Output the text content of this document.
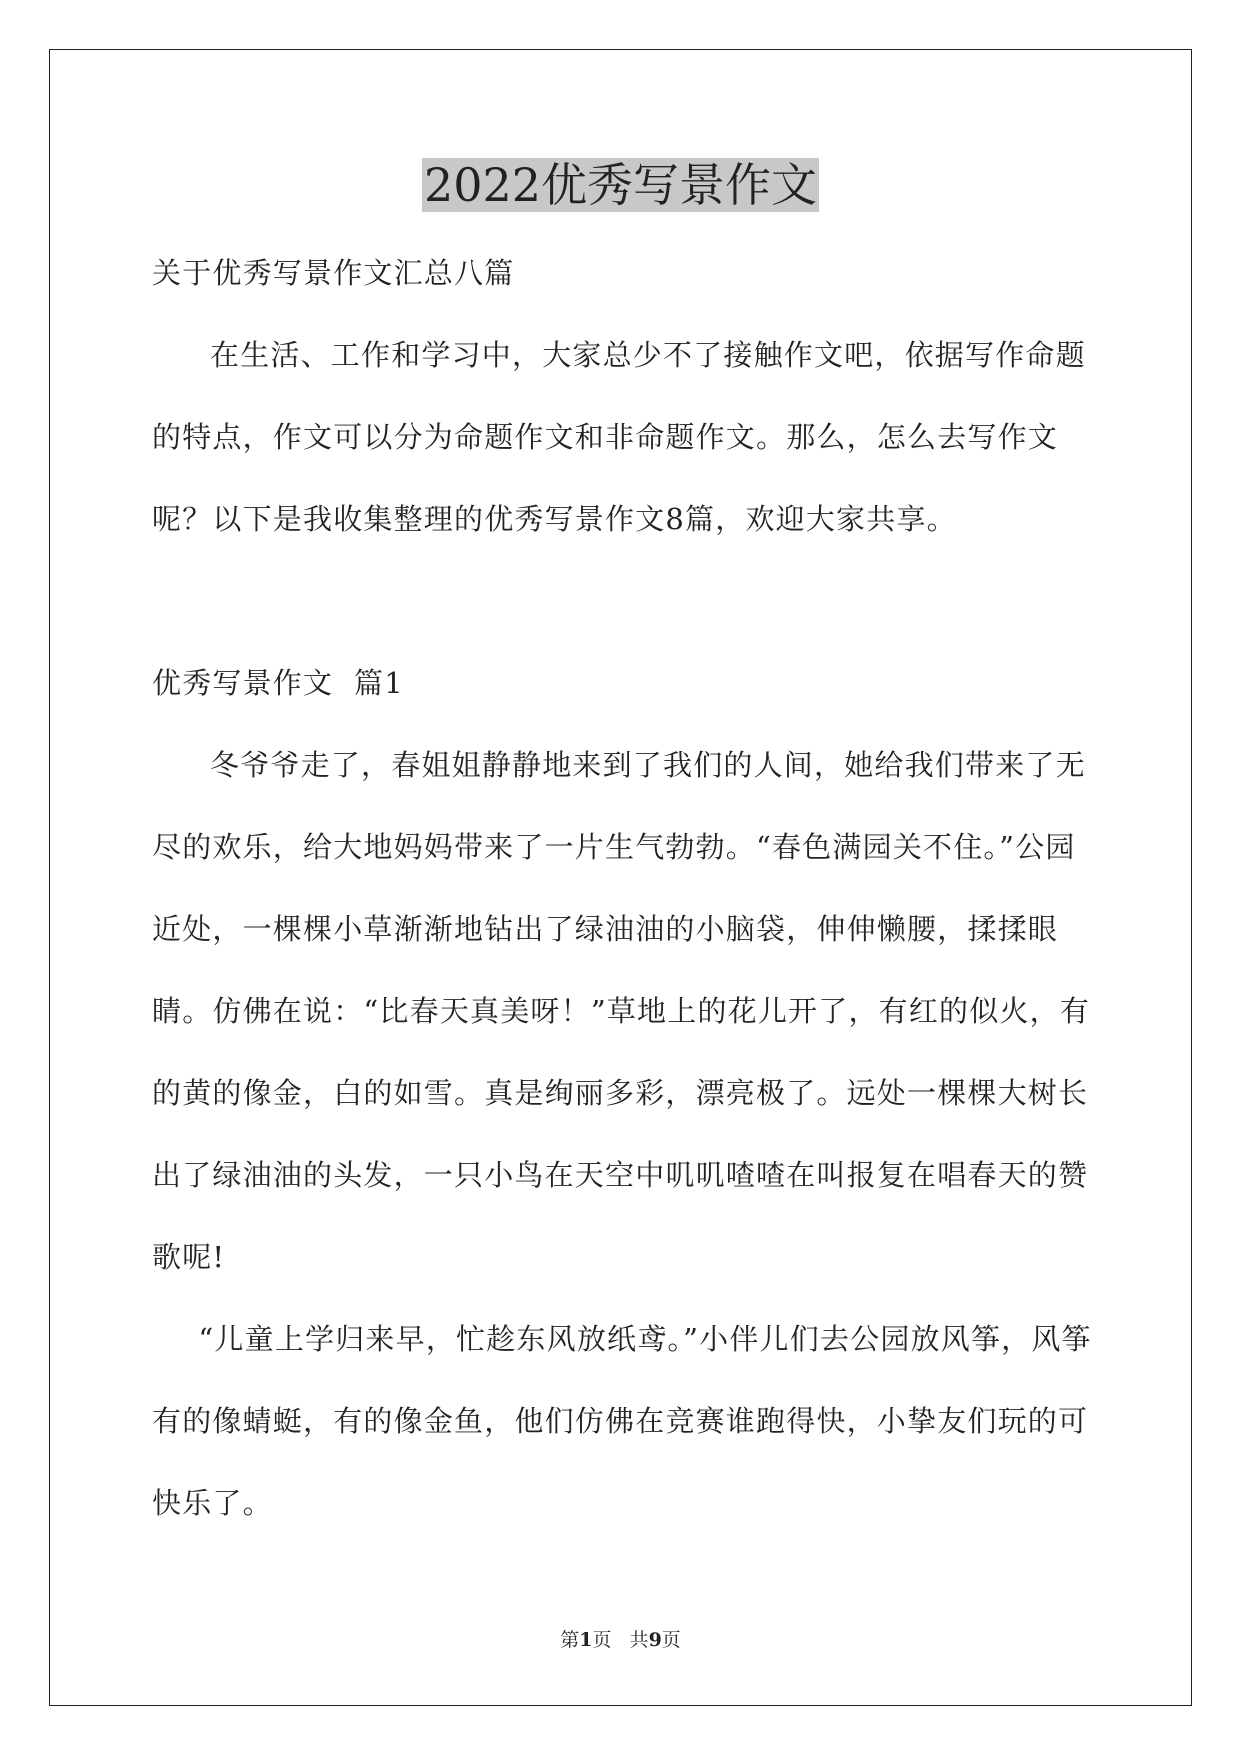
2022优秀写景作文

关于优秀写景作文汇总八篇

在生活、工作和学习中，大家总少不了接触作文吧，依据写作命题的特点，作文可以分为命题作文和非命题作文。那么，怎么去写作文呢？以下是我收集整理的优秀写景作文8篇，欢迎大家共享。

优秀写景作文  篇1

冬爷爷走了，春姐姐静静地来到了我们的人间，她给我们带来了无尽的欢乐，给大地妈妈带来了一片生气勃勃。“春色满园关不住。”公园近处，一棵棵小草渐渐地钻出了绿油油的小脑袋，伸伸懒腰，揉揉眼睛。仿佛在说：“比春天真美呀！”草地上的花儿开了，有红的似火，有的黄的像金，白的如雪。真是绚丽多彩，漂亮极了。远处一棵棵大树长出了绿油油的头发，一只小鸟在天空中叽叽喳喳在叫报复在唱春天的赞歌呢!

“儿童上学归来早，忙趁东风放纸鸢。”小伴儿们去公园放风筝，风筝有的像蜻蜓，有的像金鱼，他们仿佛在竞赛谁跑得快，小挚友们玩的可快乐了。

第1页   共9页
